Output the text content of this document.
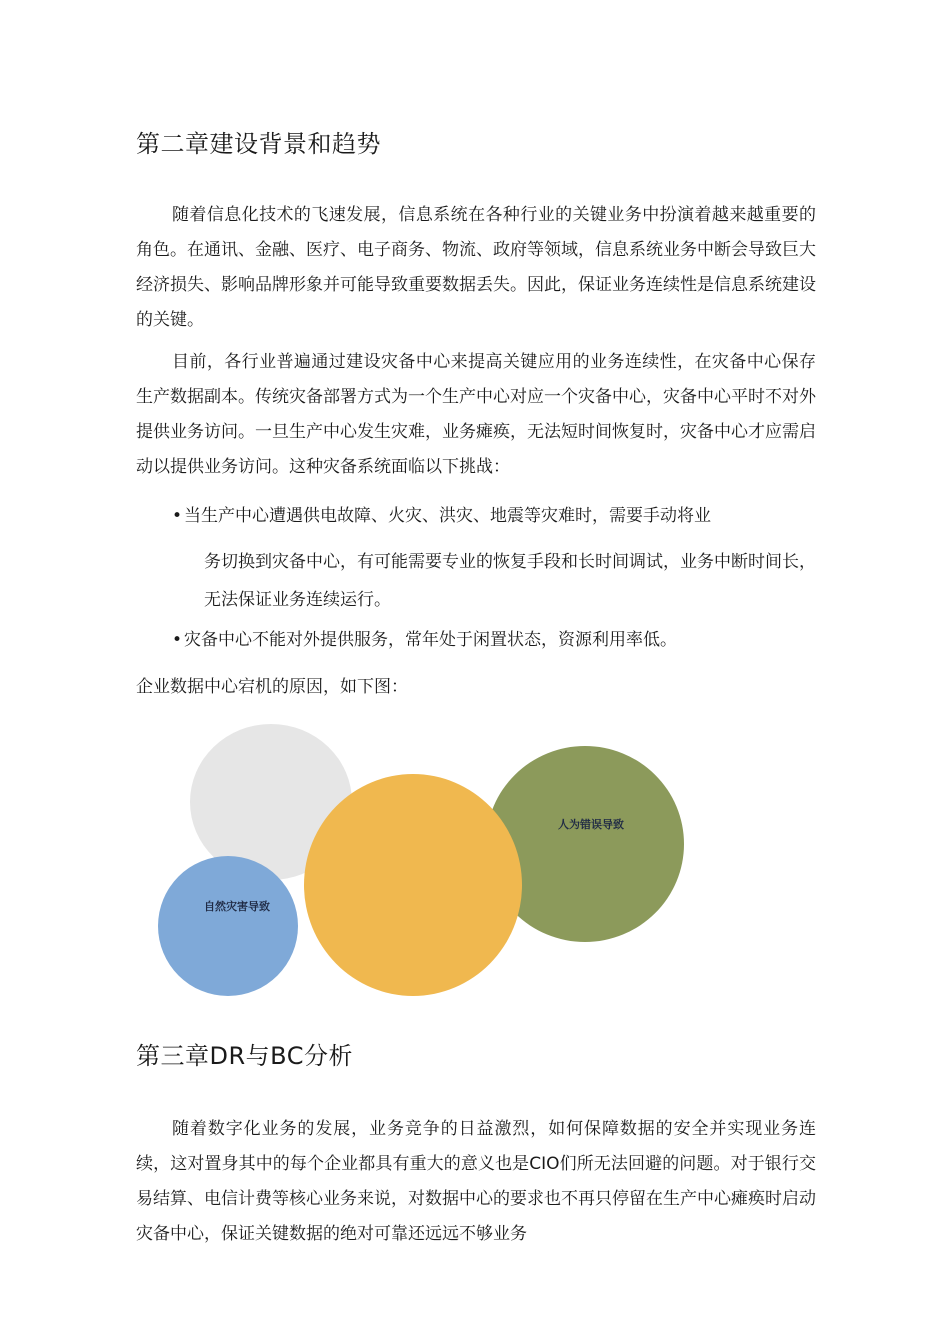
第二章建设背景和趋势

随着信息化技术的飞速发展，信息系统在各种行业的关键业务中扮演着越来越重要的角色。在通讯、金融、医疗、电子商务、物流、政府等领域，信息系统业务中断会导致巨大经济损失、影响品牌形象并可能导致重要数据丢失。因此，保证业务连续性是信息系统建设的关键。

目前，各行业普遍通过建设灾备中心来提高关键应用的业务连续性，在灾备中心保存生产数据副本。传统灾备部署方式为一个生产中心对应一个灾备中心，灾备中心平时不对外提供业务访问。一旦生产中心发生灾难，业务瘫痪，无法短时间恢复时，灾备中心才应需启动以提供业务访问。这种灾备系统面临以下挑战：

• 当生产中心遭遇供电故障、火灾、洪灾、地震等灾难时，需要手动将业

务切换到灾备中心，有可能需要专业的恢复手段和长时间调试，业务中断时间长，无法保证业务连续运行。

• 灾备中心不能对外提供服务，常年处于闲置状态，资源利用率低。

企业数据中心宕机的原因，如下图：

人为错误导致
自然灾害导致
第三章DR与BC分析

随着数字化业务的发展，业务竞争的日益激烈，如何保障数据的安全并实现业务连续，这对置身其中的每个企业都具有重大的意义也是CIO们所无法回避的问题。对于银行交易结算、电信计费等核心业务来说，对数据中心的要求也不再只停留在生产中心瘫痪时启动灾备中心，保证关键数据的绝对可靠还远远不够业务
